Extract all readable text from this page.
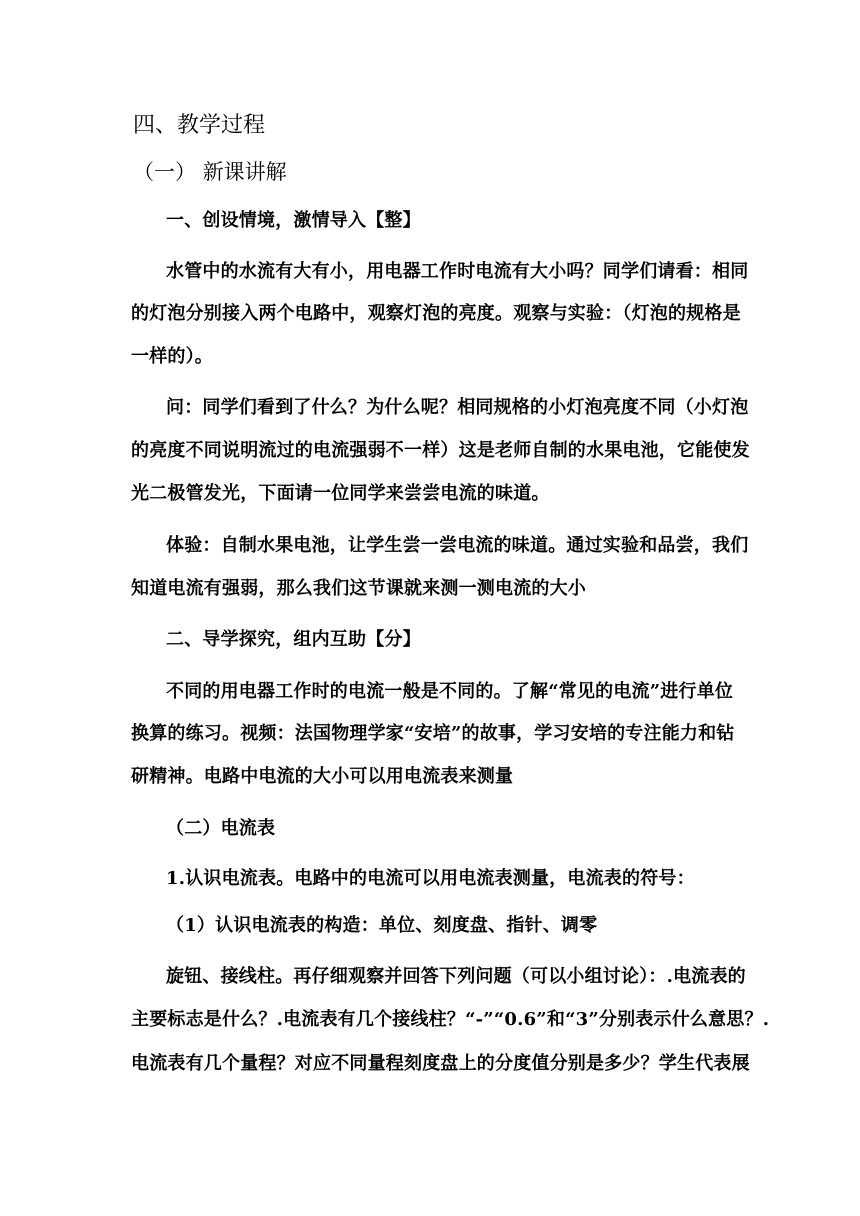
四、教学过程
（一） 新课讲解
一、创设情境，激情导入【整】
水管中的水流有大有小，用电器工作时电流有大小吗？同学们请看：相同
的灯泡分别接入两个电路中，观察灯泡的亮度。观察与实验：（灯泡的规格是
一样的）。
问：同学们看到了什么？为什么呢？相同规格的小灯泡亮度不同（小灯泡
的亮度不同说明流过的电流强弱不一样）这是老师自制的水果电池，它能使发
光二极管发光，下面请一位同学来尝尝电流的味道。
体验：自制水果电池，让学生尝一尝电流的味道。通过实验和品尝，我们
知道电流有强弱，那么我们这节课就来测一测电流的大小
二、导学探究，组内互助【分】
不同的用电器工作时的电流一般是不同的。了解“常见的电流”进行单位
换算的练习。视频：法国物理学家“安培”的故事，学习安培的专注能力和钻
研精神。电路中电流的大小可以用电流表来测量
（二）电流表
1.认识电流表。电路中的电流可以用电流表测量，电流表的符号：
（1）认识电流表的构造：单位、刻度盘、指针、调零
旋钮、接线柱。再仔细观察并回答下列问题（可以小组讨论）：.电流表的
主要标志是什么？.电流表有几个接线柱？“-”“0.6”和“3”分别表示什么意思？.
电流表有几个量程？对应不同量程刻度盘上的分度值分别是多少？学生代表展
